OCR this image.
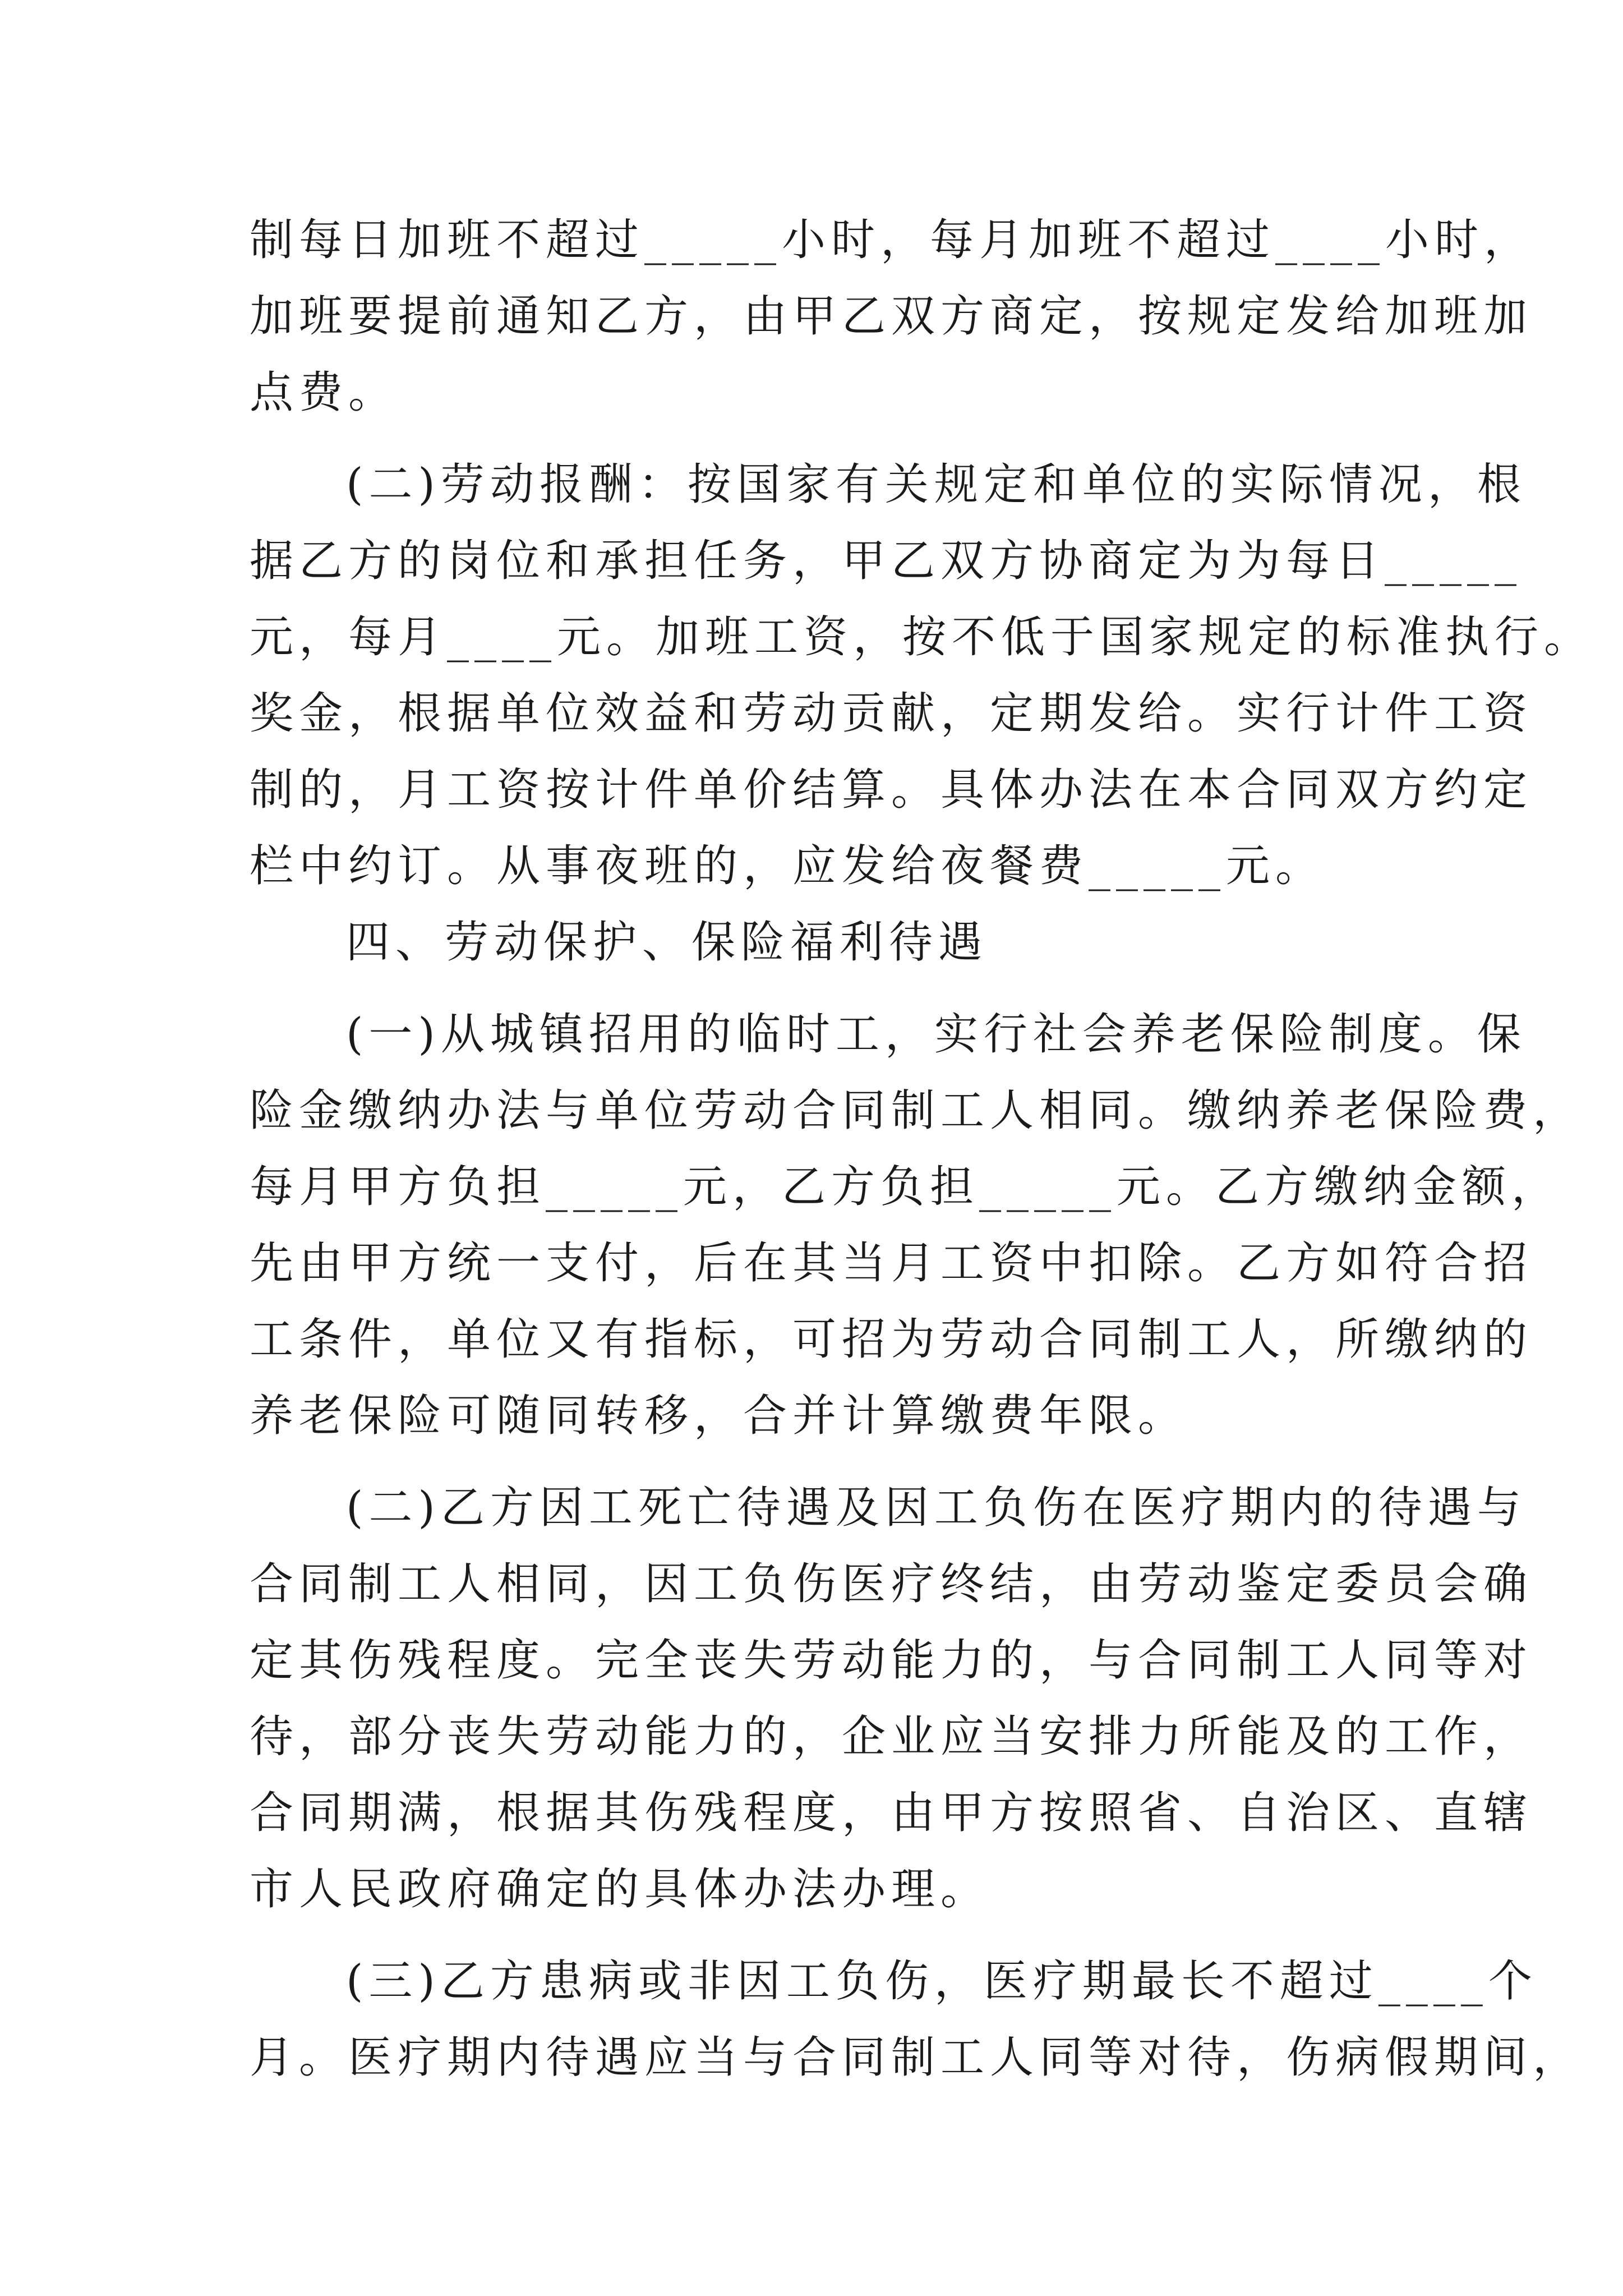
制每日加班不超过_____小时，每月加班不超过____小时，
加班要提前通知乙方，由甲乙双方商定，按规定发给加班加
点费。
(二)劳动报酬：按国家有关规定和单位的实际情况，根
据乙方的岗位和承担任务，甲乙双方协商定为为每日_____
元，每月____元。加班工资，按不低于国家规定的标准执行。
奖金，根据单位效益和劳动贡献，定期发给。实行计件工资
制的，月工资按计件单价结算。具体办法在本合同双方约定
栏中约订。从事夜班的，应发给夜餐费_____元。
四、劳动保护、保险福利待遇
(一)从城镇招用的临时工，实行社会养老保险制度。保
险金缴纳办法与单位劳动合同制工人相同。缴纳养老保险费，
每月甲方负担_____元，乙方负担_____元。乙方缴纳金额，
先由甲方统一支付，后在其当月工资中扣除。乙方如符合招
工条件，单位又有指标，可招为劳动合同制工人，所缴纳的
养老保险可随同转移，合并计算缴费年限。
(二)乙方因工死亡待遇及因工负伤在医疗期内的待遇与
合同制工人相同，因工负伤医疗终结，由劳动鉴定委员会确
定其伤残程度。完全丧失劳动能力的，与合同制工人同等对
待，部分丧失劳动能力的，企业应当安排力所能及的工作，
合同期满，根据其伤残程度，由甲方按照省、自治区、直辖
市人民政府确定的具体办法办理。
(三)乙方患病或非因工负伤，医疗期最长不超过____个
月。医疗期内待遇应当与合同制工人同等对待，伤病假期间，
